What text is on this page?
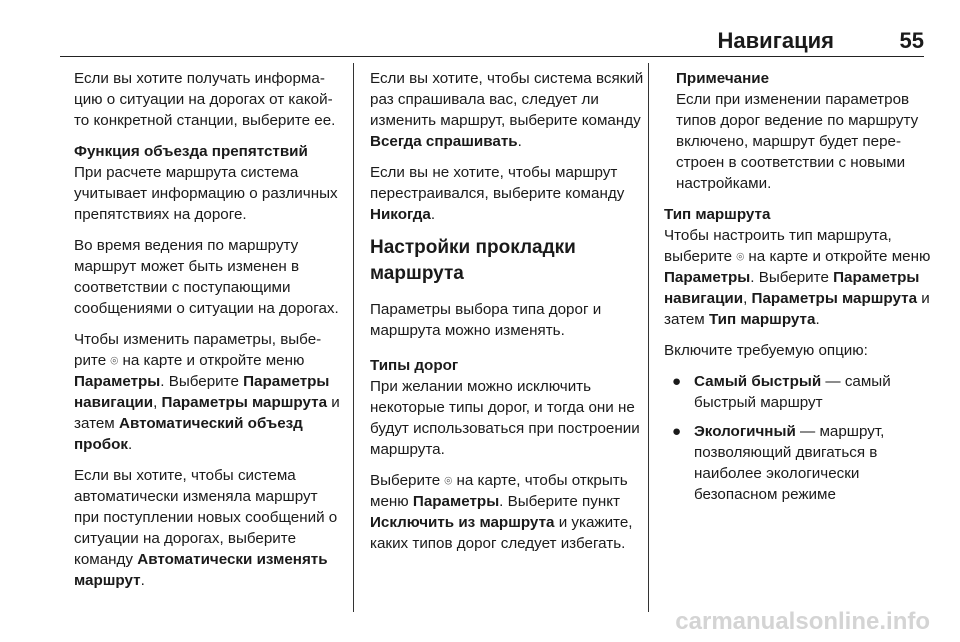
Навигация	55

Если вы хотите получать информацию о ситуации на дорогах от какой-то конкретной станции, выберите ее.

Функция объезда препятствий

При расчете маршрута система учитывает информацию о различных препятствиях на дороге.

Во время ведения по маршруту маршрут может быть изменен в соответствии с поступающими сообщениями о ситуации на дорогах.

Чтобы изменить параметры, выберите ⌾ на карте и откройте меню Параметры. Выберите Параметры навигации, Параметры маршрута и затем Автоматический объезд пробок.

Если вы хотите, чтобы система автоматически изменяла маршрут при поступлении новых сообщений о ситуации на дорогах, выберите команду Автоматически изменять маршрут.

Если вы хотите, чтобы система всякий раз спрашивала вас, следует ли изменить маршрут, выберите команду Всегда спрашивать.

Если вы не хотите, чтобы маршрут перестраивался, выберите команду Никогда.

Настройки прокладки маршрута

Параметры выбора типа дорог и маршрута можно изменять.

Типы дорог

При желании можно исключить некоторые типы дорог, и тогда они не будут использоваться при построении маршрута.

Выберите ⌾ на карте, чтобы открыть меню Параметры. Выберите пункт Исключить из маршрута и укажите, каких типов дорог следует избегать.

Примечание
Если при изменении параметров типов дорог ведение по маршруту включено, маршрут будет перестроен в соответствии с новыми настройками.
Тип маршрута

Чтобы настроить тип маршрута, выберите ⌾ на карте и откройте меню Параметры. Выберите Параметры навигации, Параметры маршрута и затем Тип маршрута.

Включите требуемую опцию:

● Самый быстрый — самый быстрый маршрут
● Экологичный — маршрут, позволяющий двигаться в наиболее экологически безопасном режиме
carmanualsonline.info
